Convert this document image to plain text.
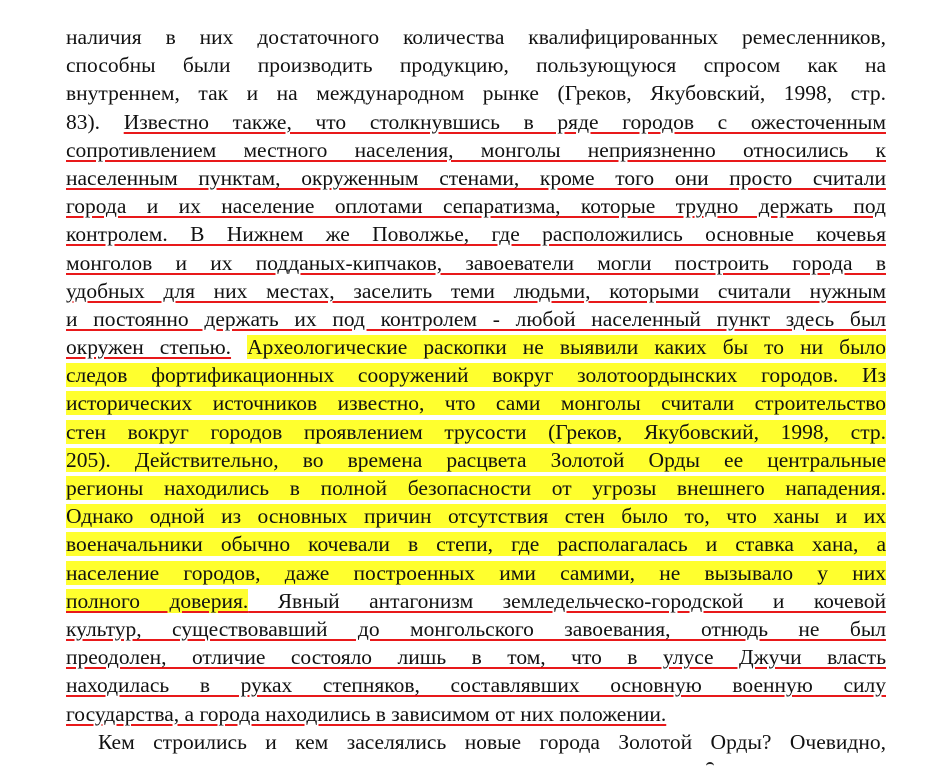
наличия в них достаточного количества квалифицированных ремесленников,
способны были производить продукцию, пользующуюся спросом как на
внутреннем, так и на международном рынке (Греков, Якубовский, 1998, стр.
83). Известно также, что столкнувшись в ряде городов с ожесточенным
сопротивлением местного населения, монголы неприязненно относились к
населенным пунктам, окруженным стенами, кроме того они просто считали
города и их население оплотами сепаратизма, которые трудно держать под
контролем. В Нижнем же Поволжье, где расположились основные кочевья
монголов и их подданых-кипчаков, завоеватели могли построить города в
удобных для них местах, заселить теми людьми, которыми считали нужным
и постоянно держать их под контролем - любой населенный пункт здесь был
окружен степью. Археологические раскопки не выявили каких бы то ни было
следов фортификационных сооружений вокруг золотоордынских городов. Из
исторических источников известно, что сами монголы считали строительство
стен вокруг городов проявлением трусости (Греков, Якубовский, 1998, стр.
205). Действительно, во времена расцвета Золотой Орды ее центральные
регионы находились в полной безопасности от угрозы внешнего нападения.
Однако одной из основных причин отсутствия стен было то, что ханы и их
военачальники обычно кочевали в степи, где располагалась и ставка хана, а
население городов, даже построенных ими самими, не вызывало у них
полного доверия. Явный антагонизм земледельческо-городской и кочевой
культур, существовавший до монгольского завоевания, отнюдь не был
преодолен, отличие состояло лишь в том, что в улусе Джучи власть
находилась в руках степняков, составлявших основную военную силу
государства, а города находились в зависимом от них положении.
Кем строились и кем заселялись новые города Золотой Орды? Очевидно,
